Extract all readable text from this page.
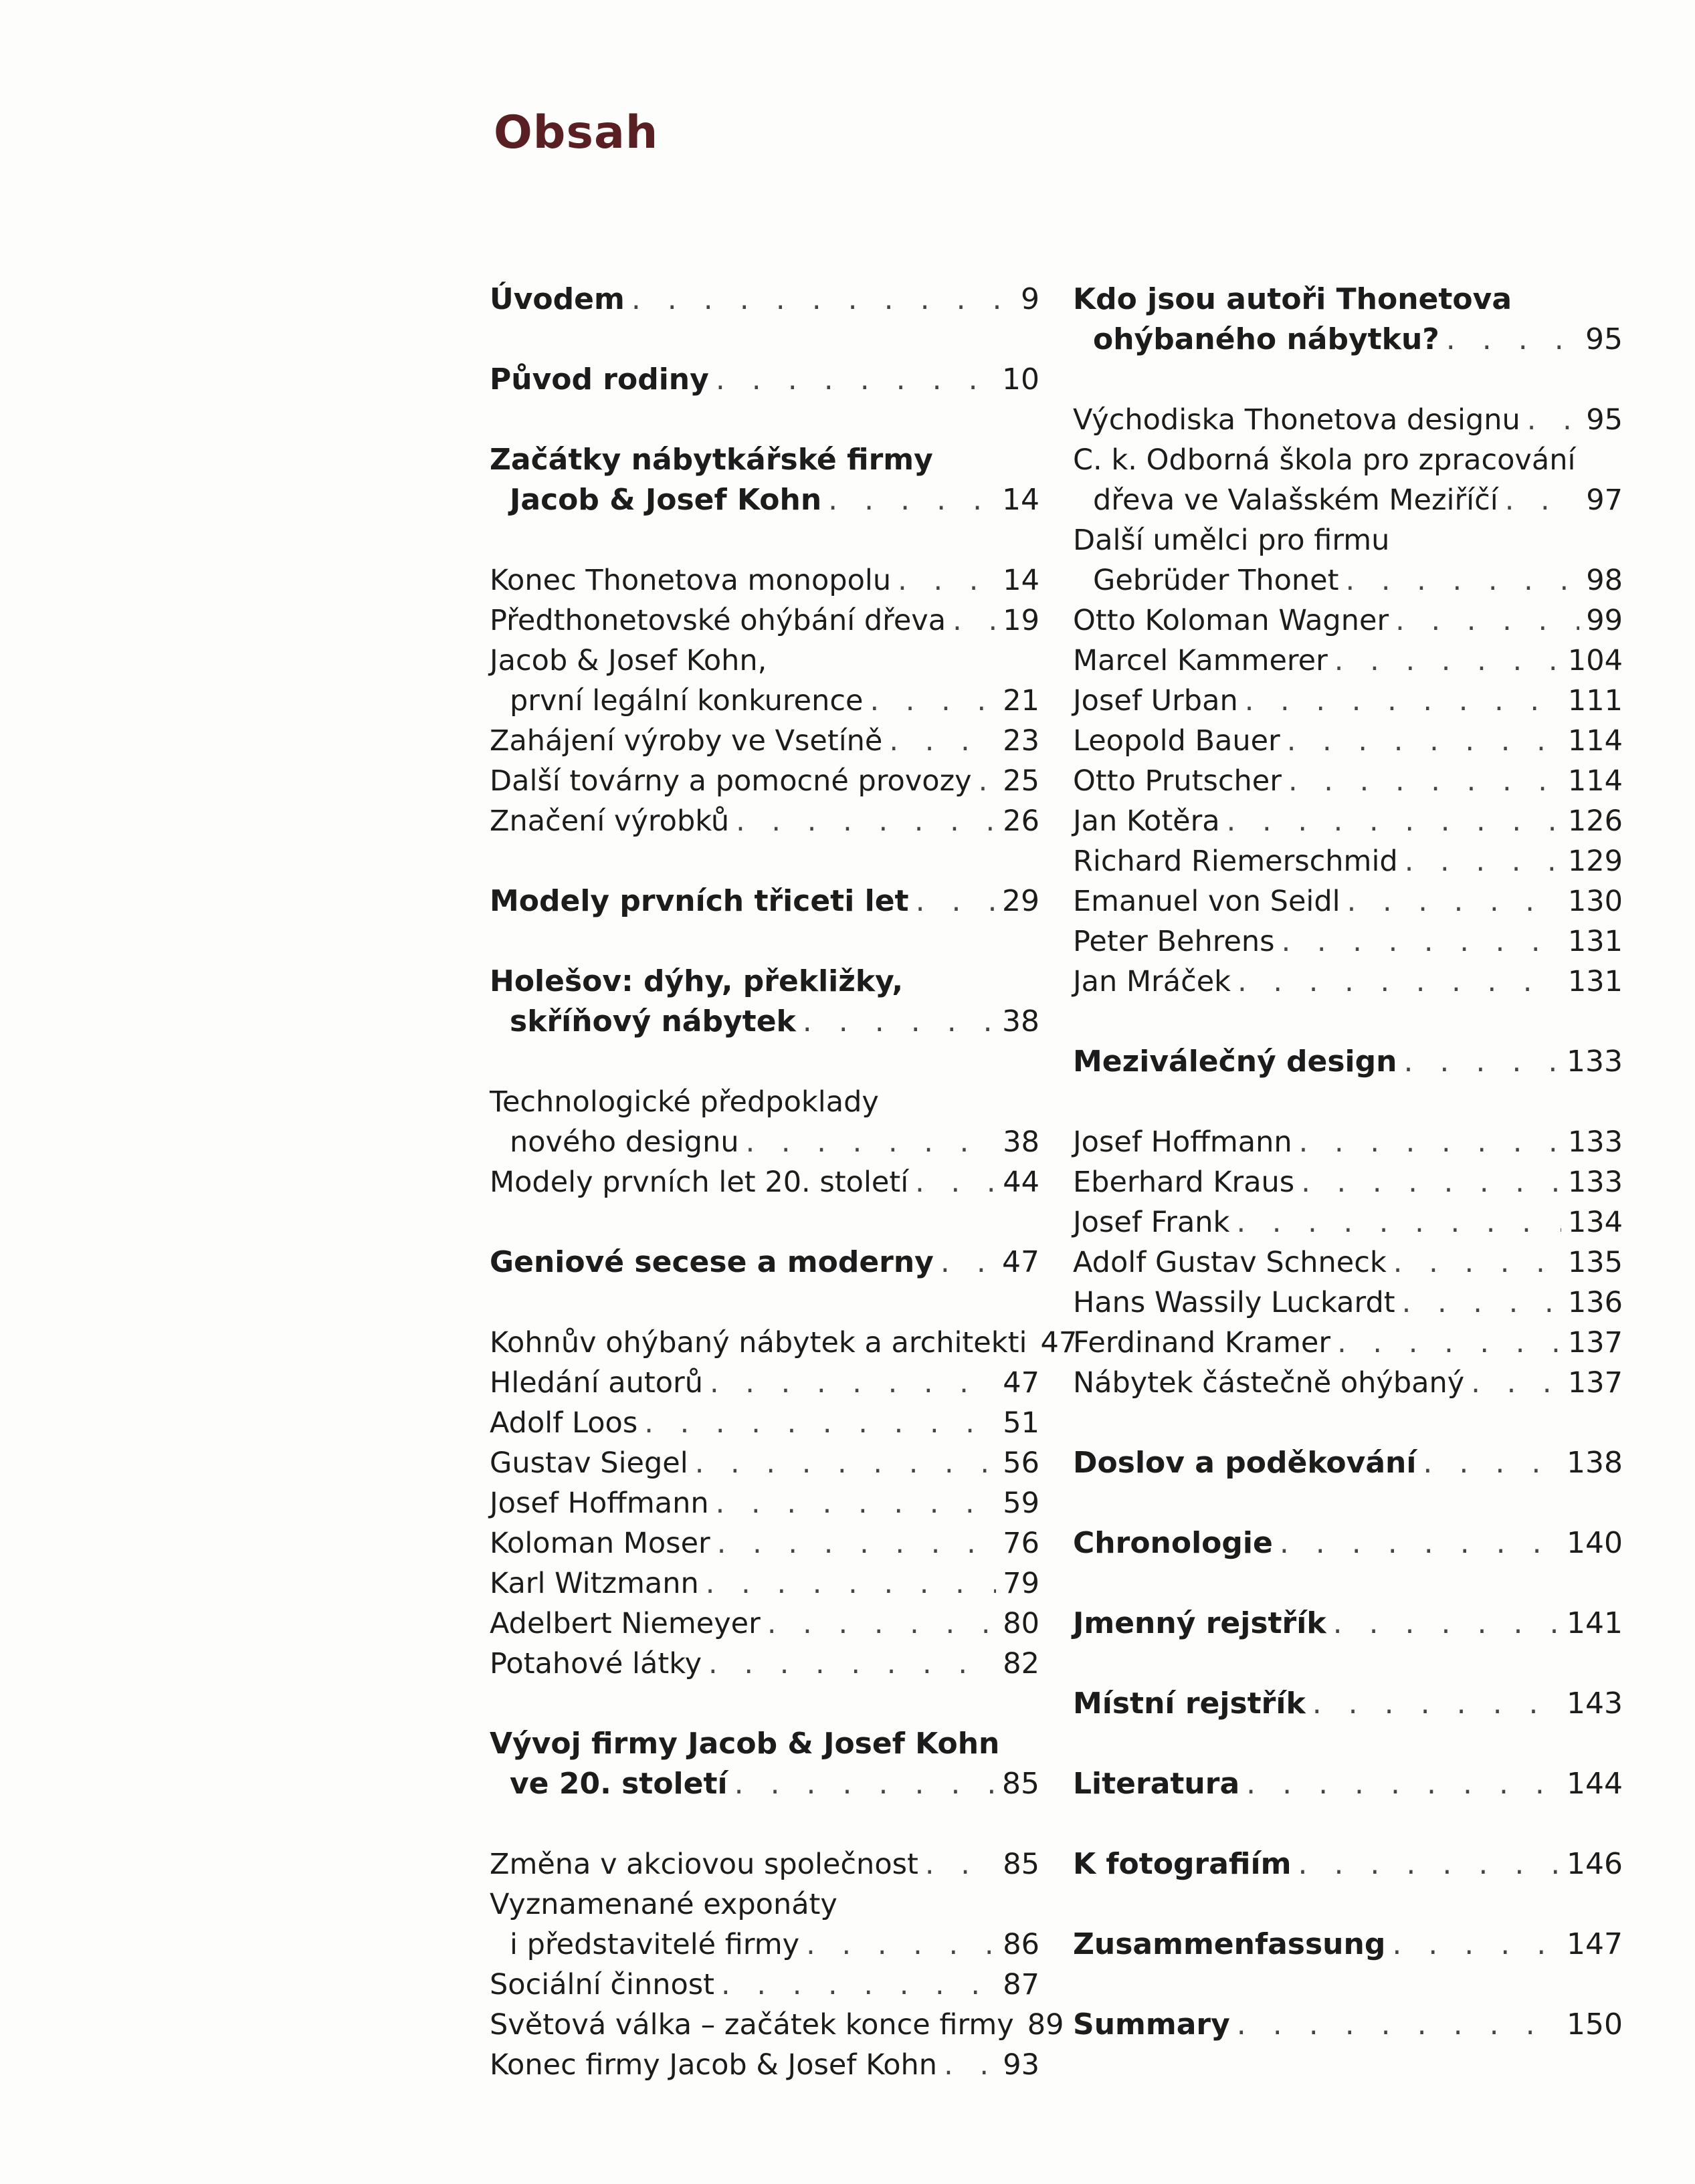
Obsah
Úvodem . . .	9
Původ rodiny . . .	10
Začátky nábytkářské firmy
Jacob & Josef Kohn . . .	14
Konec Thonetova monopolu . . .	14
Předthonetovské ohýbání dřeva . . . 19
Jacob & Josef Kohn,
první legální konkurence . . .	21
Zahájení výroby ve Vsetíně . . .	23
Další továrny a pomocné provozy . . . 25
Značení výrobků . . .	26
Modely prvních třiceti let . . .	29
Holešov: dýhy, překližky,
skříňový nábytek . . .	38
Technologické předpoklady
nového designu . . .	38
Modely prvních let 20. století . . .	44
Geniové secese a moderny . . . 47
Kohnův ohýbaný nábytek a architekti 47
Hledání autorů . . .	47
Adolf Loos . . .	51
Gustav Siegel . . .	56
Josef Hoffmann . . .	59
Koloman Moser . . .	76
Karl Witzmann . . .	79
Adelbert Niemeyer . . .	80
Potahové látky . . .	82
Vývoj firmy Jacob & Josef Kohn
ve 20. století . . .	85
Změna v akciovou společnost . . .	85
Vyznamenané exponáty
i představitelé firmy . . .	86
Sociální činnost . . .	87
Světová válka – začátek konce firmy 89
Konec firmy Jacob & Josef Kohn . . . 93
Kdo jsou autoři Thonetova
ohýbaného nábytku? . . .	95
Východiska Thonetova designu . . . 95
C. k. Odborná škola pro zpracování
dřeva ve Valašském Meziříčí . . .	97
Další umělci pro firmu
Gebrüder Thonet . . .	98
Otto Koloman Wagner . . .	99
Marcel Kammerer . . .	104
Josef Urban . . .	111
Leopold Bauer . . .	114
Otto Prutscher . . .	114
Jan Kotěra . . .	126
Richard Riemerschmid . . .	129
Emanuel von Seidl . . .	130
Peter Behrens . . .	131
Jan Mráček . . .	131
Meziválečný design . . .	133
Josef Hoffmann . . .	133
Eberhard Kraus . . .	133
Josef Frank . . .	134
Adolf Gustav Schneck . . .	135
Hans Wassily Luckardt . . .	136
Ferdinand Kramer . . .	137
Nábytek částečně ohýbaný . . .	137
Doslov a poděkování . . .	138
Chronologie . . .	140
Jmenný rejstřík . . .	141
Místní rejstřík . . .	143
Literatura . . .	144
K fotografiím . . .	146
Zusammenfassung . . .	147
Summary . . .	150
